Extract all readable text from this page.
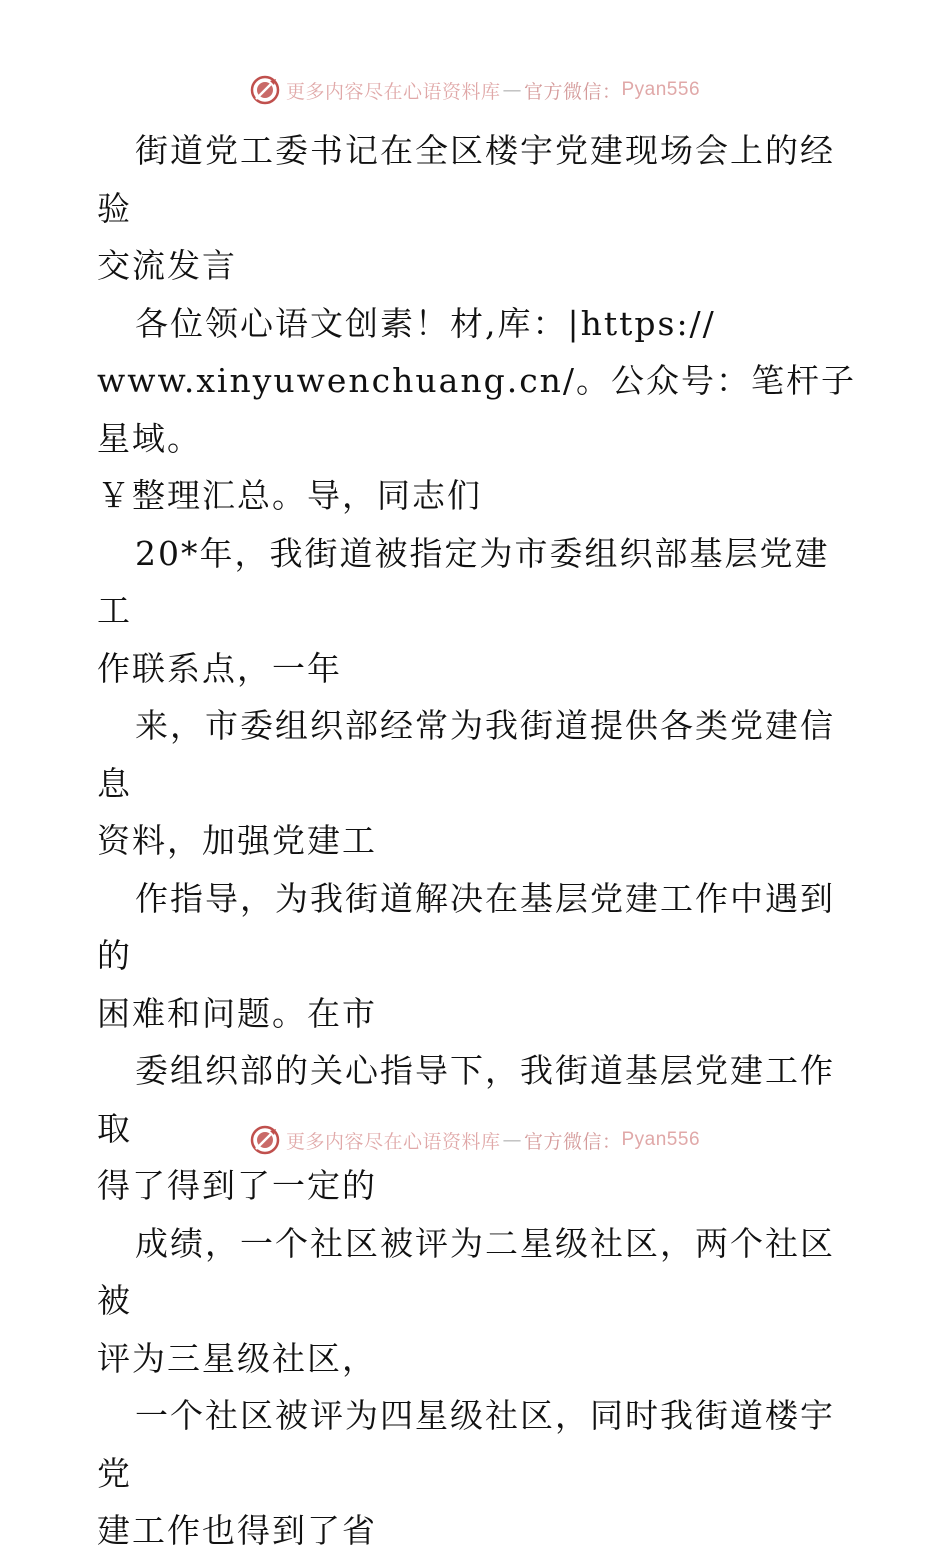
更多内容尽在心语资料库 — 官方微信： Pyan556

街道党工委书记在全区楼宇党建现场会上的经验
交流发言

各位领心语文创素！材,库：|https://
www.xinyuwenchuang.cn/。公众号：笔杆子星域。
￥整理汇总。导，同志们

20*年，我街道被指定为市委组织部基层党建工
作联系点，一年

来，市委组织部经常为我街道提供各类党建信息
资料，加强党建工

作指导，为我街道解决在基层党建工作中遇到的
困难和问题。在市

委组织部的关心指导下，我街道基层党建工作取
得了得到了一定的

成绩，一个社区被评为二星级社区，两个社区被
评为三星级社区，

一个社区被评为四星级社区，同时我街道楼宇党
建工作也得到了省

更多内容尽在心语资料库 — 官方微信： Pyan556
